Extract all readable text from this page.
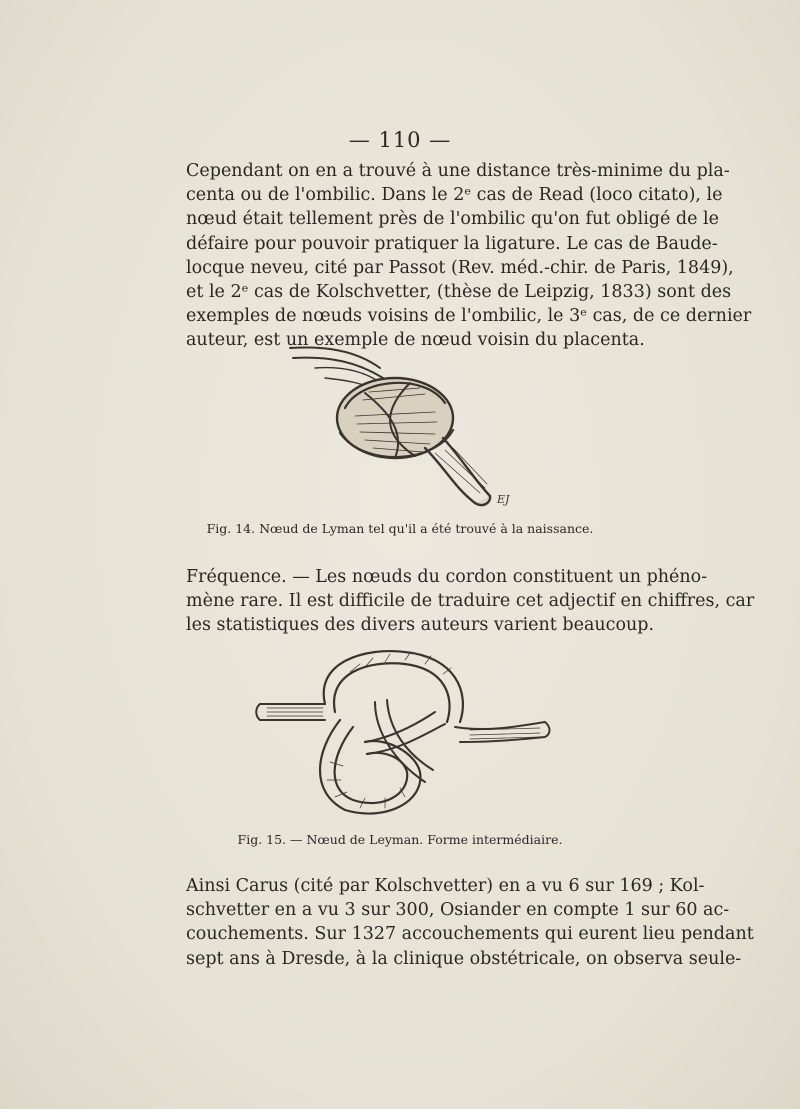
— 110 —
Cependant on en a trouvé à une distance très-minime du pla-
centa ou de l'ombilic. Dans le 2ᵉ cas de Read (loco citato), le
nœud était tellement près de l'ombilic qu'on fut obligé de le
défaire pour pouvoir pratiquer la ligature. Le cas de Baude-
locque neveu, cité par Passot (Rev. méd.-chir. de Paris, 1849),
et le 2ᵉ cas de Kolschvetter, (thèse de Leipzig, 1833) sont des
exemples de nœuds voisins de l'ombilic, le 3ᵉ cas, de ce dernier
auteur, est un exemple de nœud voisin du placenta.
EJ
Fig. 14. Nœud de Lyman tel qu'il a été trouvé à la naissance.
Fréquence. — Les nœuds du cordon constituent un phéno-
mène rare. Il est difficile de traduire cet adjectif en chiffres, car
les statistiques des divers auteurs varient beaucoup.
Fig. 15. — Nœud de Leyman. Forme intermédiaire.
Ainsi Carus (cité par Kolschvetter) en a vu 6 sur 169 ; Kol-
schvetter en a vu 3 sur 300, Osiander en compte 1 sur 60 ac-
couchements. Sur 1327 accouchements qui eurent lieu pendant
sept ans à Dresde, à la clinique obstétricale, on observa seule-
